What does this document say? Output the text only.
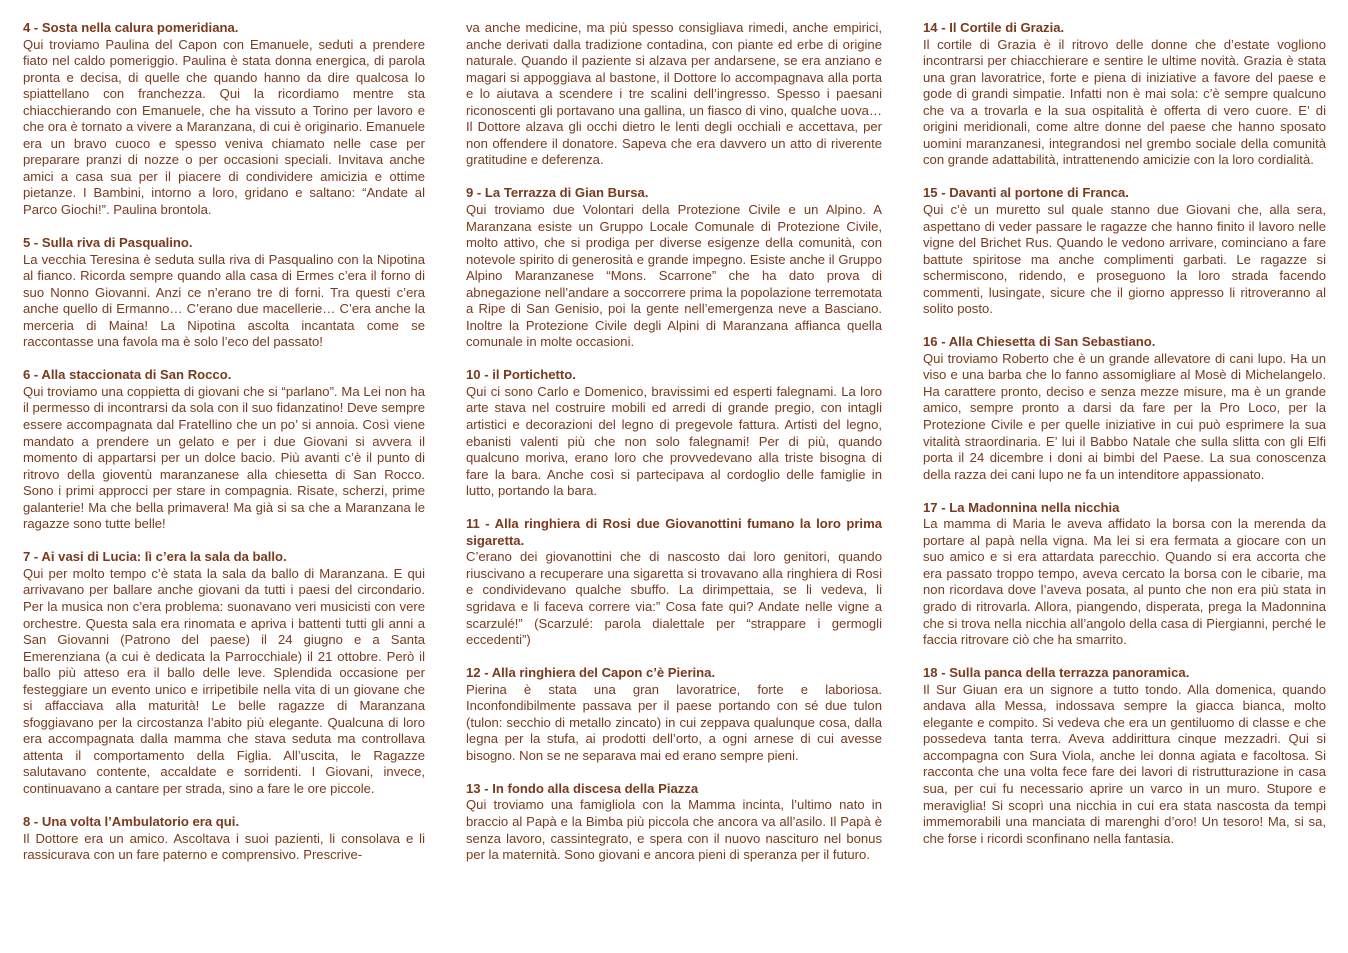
4 - Sosta nella calura pomeridiana.

Qui troviamo Paulina del Capon con Emanuele, seduti a prendere fiato nel caldo pomeriggio. Paulina è stata donna energica, di parola pronta e decisa, di quelle che quando hanno da dire qualcosa lo spiattellano con franchezza. Qui la ricordiamo mentre sta chiacchierando con Emanuele, che ha vissuto a Torino per lavoro e che ora è tornato a vivere a Maranzana, di cui è originario. Emanuele era un bravo cuoco e spesso veniva chiamato nelle case per preparare pranzi di nozze o per occasioni speciali. Invitava anche amici a casa sua per il piacere di condividere amicizia e ottime pietanze. I Bambini, intorno a loro, gridano e saltano: “Andate al Parco Giochi!”. Paulina brontola.

5 - Sulla riva di Pasqualino.

La vecchia Teresina è seduta sulla riva di Pasqualino con la Nipotina al fianco. Ricorda sempre quando alla casa di Ermes c’era il forno di suo Nonno Giovanni. Anzi ce n’erano tre di forni. Tra questi c’era anche quello di Ermanno… C’erano due macellerie… C’era anche la merceria di Maina! La Nipotina ascolta incantata come se raccontasse una favola ma è solo l’eco del passato!

6 - Alla staccionata di San Rocco.

Qui troviamo una coppietta di giovani che si “parlano”. Ma Lei non ha il permesso di incontrarsi da sola con il suo fidanzatino! Deve sempre essere accompagnata dal Fratellino che un po’ si annoia. Così viene mandato a prendere un gelato e per i due Giovani si avvera il momento di appartarsi per un dolce bacio. Più avanti c’è il punto di ritrovo della gioventù maranzanese alla chiesetta di San Rocco. Sono i primi approcci per stare in compagnia. Risate, scherzi, prime galanterie! Ma che bella primavera! Ma già si sa che a Maranzana le ragazze sono tutte belle!

7 - Ai vasi di Lucia: lì c’era la sala da ballo.

Qui per molto tempo c’è stata la sala da ballo di Maranzana. E qui arrivavano per ballare anche giovani da tutti i paesi del circondario. Per la musica non c’era problema: suonavano veri musicisti con vere orchestre. Questa sala era rinomata e apriva i battenti tutti gli anni a San Giovanni (Patrono del paese) il 24 giugno e a Santa Emerenziana (a cui è dedicata la Parrocchiale) il 21 ottobre. Però il ballo più atteso era il ballo delle leve. Splendida occasione per festeggiare un evento unico e irripetibile nella vita di un giovane che si affacciava alla maturità! Le belle ragazze di Maranzana sfoggiavano per la circostanza l’abito più elegante. Qualcuna di loro era accompagnata dalla mamma che stava seduta ma controllava attenta il comportamento della Figlia. All’uscita, le Ragazze salutavano contente, accaldate e sorridenti. I Giovani, invece, continuavano a cantare per strada, sino a fare le ore piccole.

8 - Una volta l’Ambulatorio era qui.

Il Dottore era un amico. Ascoltava i suoi pazienti, li consolava e li rassicurava con un fare paterno e comprensivo. Prescrive-

va anche medicine, ma più spesso consigliava rimedi, anche empirici, anche derivati dalla tradizione contadina, con piante ed erbe di origine naturale. Quando il paziente si alzava per andarsene, se era anziano e magari si appoggiava al bastone, il Dottore lo accompagnava alla porta e lo aiutava a scendere i tre scalini dell’ingresso. Spesso i paesani riconoscenti gli portavano una gallina, un fiasco di vino, qualche uova… Il Dottore alzava gli occhi dietro le lenti degli occhiali e accettava, per non offendere il donatore. Sapeva che era davvero un atto di riverente gratitudine e deferenza.

9 - La Terrazza di Gian Bursa.

Qui troviamo due Volontari della Protezione Civile e un Alpino. A Maranzana esiste un Gruppo Locale Comunale di Protezione Civile, molto attivo, che si prodiga per diverse esigenze della comunità, con notevole spirito di generosità e grande impegno. Esiste anche il Gruppo Alpino Maranzanese “Mons. Scarrone” che ha dato prova di abnegazione nell’andare a soccorrere prima la popolazione terremotata a Ripe di San Genisio, poi la gente nell’emergenza neve a Basciano. Inoltre la Protezione Civile degli Alpini di Maranzana affianca quella comunale in molte occasioni.

10 - il Portichetto.

Qui ci sono Carlo e Domenico, bravissimi ed esperti falegnami. La loro arte stava nel costruire mobili ed arredi di grande pregio, con intagli artistici e decorazioni del legno di pregevole fattura. Artisti del legno, ebanisti valenti più che non solo falegnami! Per di più, quando qualcuno moriva, erano loro che provvedevano alla triste bisogna di fare la bara. Anche così si partecipava al cordoglio delle famiglie in lutto, portando la bara.

11 - Alla ringhiera di Rosi due Giovanottini fumano la loro prima sigaretta.

C’erano dei giovanottini che di nascosto dai loro genitori, quando riuscivano a recuperare una sigaretta si trovavano alla ringhiera di Rosi e condividevano qualche sbuffo. La dirimpettaia, se li vedeva, li sgridava e li faceva correre via:” Cosa fate qui? Andate nelle vigne a scarzulé!” (Scarzulé: parola dialettale per “strappare i germogli eccedenti”)

12 - Alla ringhiera del Capon c’è Pierina.

Pierina è stata una gran lavoratrice, forte e laboriosa. Inconfondibilmente passava per il paese portando con sé due tulon (tulon: secchio di metallo zincato) in cui zeppava qualunque cosa, dalla legna per la stufa, ai prodotti dell’orto, a ogni arnese di cui avesse bisogno. Non se ne separava mai ed erano sempre pieni.

13 - In fondo alla discesa della Piazza

Qui troviamo una famigliola con la Mamma incinta, l’ultimo nato in braccio al Papà e la Bimba più piccola che ancora va all’asilo. Il Papà è senza lavoro, cassintegrato, e spera con il nuovo nascituro nel bonus per la maternità. Sono giovani e ancora pieni di speranza per il futuro.

14 - Il Cortile di Grazia.

Il cortile di Grazia è il ritrovo delle donne che d’estate vogliono incontrarsi per chiacchierare e sentire le ultime novità. Grazia è stata una gran lavoratrice, forte e piena di iniziative a favore del paese e gode di grandi simpatie. Infatti non è mai sola: c’è sempre qualcuno che va a trovarla e la sua ospitalità è offerta di vero cuore. E’ di origini meridionali, come altre donne del paese che hanno sposato uomini maranzanesi, integrandosi nel grembo sociale della comunità con grande adattabilità, intrattenendo amicizie con la loro cordialità.

15 - Davanti al portone di Franca.

Qui c’è un muretto sul quale stanno due Giovani che, alla sera, aspettano di veder passare le ragazze che hanno finito il lavoro nelle vigne del Brichet Rus. Quando le vedono arrivare, cominciano a fare battute spiritose ma anche complimenti garbati. Le ragazze si schermiscono, ridendo, e proseguono la loro strada facendo commenti, lusingate, sicure che il giorno appresso li ritroveranno al solito posto.

16 - Alla Chiesetta di San Sebastiano.

Qui troviamo Roberto che è un grande allevatore di cani lupo. Ha un viso e una barba che lo fanno assomigliare al Mosè di Michelangelo. Ha carattere pronto, deciso e senza mezze misure, ma è un grande amico, sempre pronto a darsi da fare per la Pro Loco, per la Protezione Civile e per quelle iniziative in cui può esprimere la sua vitalità straordinaria. E’ lui il Babbo Natale che sulla slitta con gli Elfi porta il 24 dicembre i doni ai bimbi del Paese. La sua conoscenza della razza dei cani lupo ne fa un intenditore appassionato.

17 - La Madonnina nella nicchia

La mamma di Maria le aveva affidato la borsa con la merenda da portare al papà nella vigna. Ma lei si era fermata a giocare con un suo amico e si era attardata parecchio. Quando si era accorta che era passato troppo tempo, aveva cercato la borsa con le cibarie, ma non ricordava dove l’aveva posata, al punto che non era più stata in grado di ritrovarla. Allora, piangendo, disperata, prega la Madonnina che si trova nella nicchia all’angolo della casa di Piergianni, perché le faccia ritrovare ciò che ha smarrito.

18 - Sulla panca della terrazza panoramica.

Il Sur Giuan era un signore a tutto tondo. Alla domenica, quando andava alla Messa, indossava sempre la giacca bianca, molto elegante e compito. Si vedeva che era un gentiluomo di classe e che possedeva tanta terra. Aveva addirittura cinque mezzadri. Qui si accompagna con Sura Viola, anche lei donna agiata e facoltosa. Si racconta che una volta fece fare dei lavori di ristrutturazione in casa sua, per cui fu necessario aprire un varco in un muro. Stupore e meraviglia! Si scoprì una nicchia in cui era stata nascosta da tempi immemorabili una manciata di marenghi d’oro! Un tesoro! Ma, si sa, che forse i ricordi sconfinano nella fantasia.
